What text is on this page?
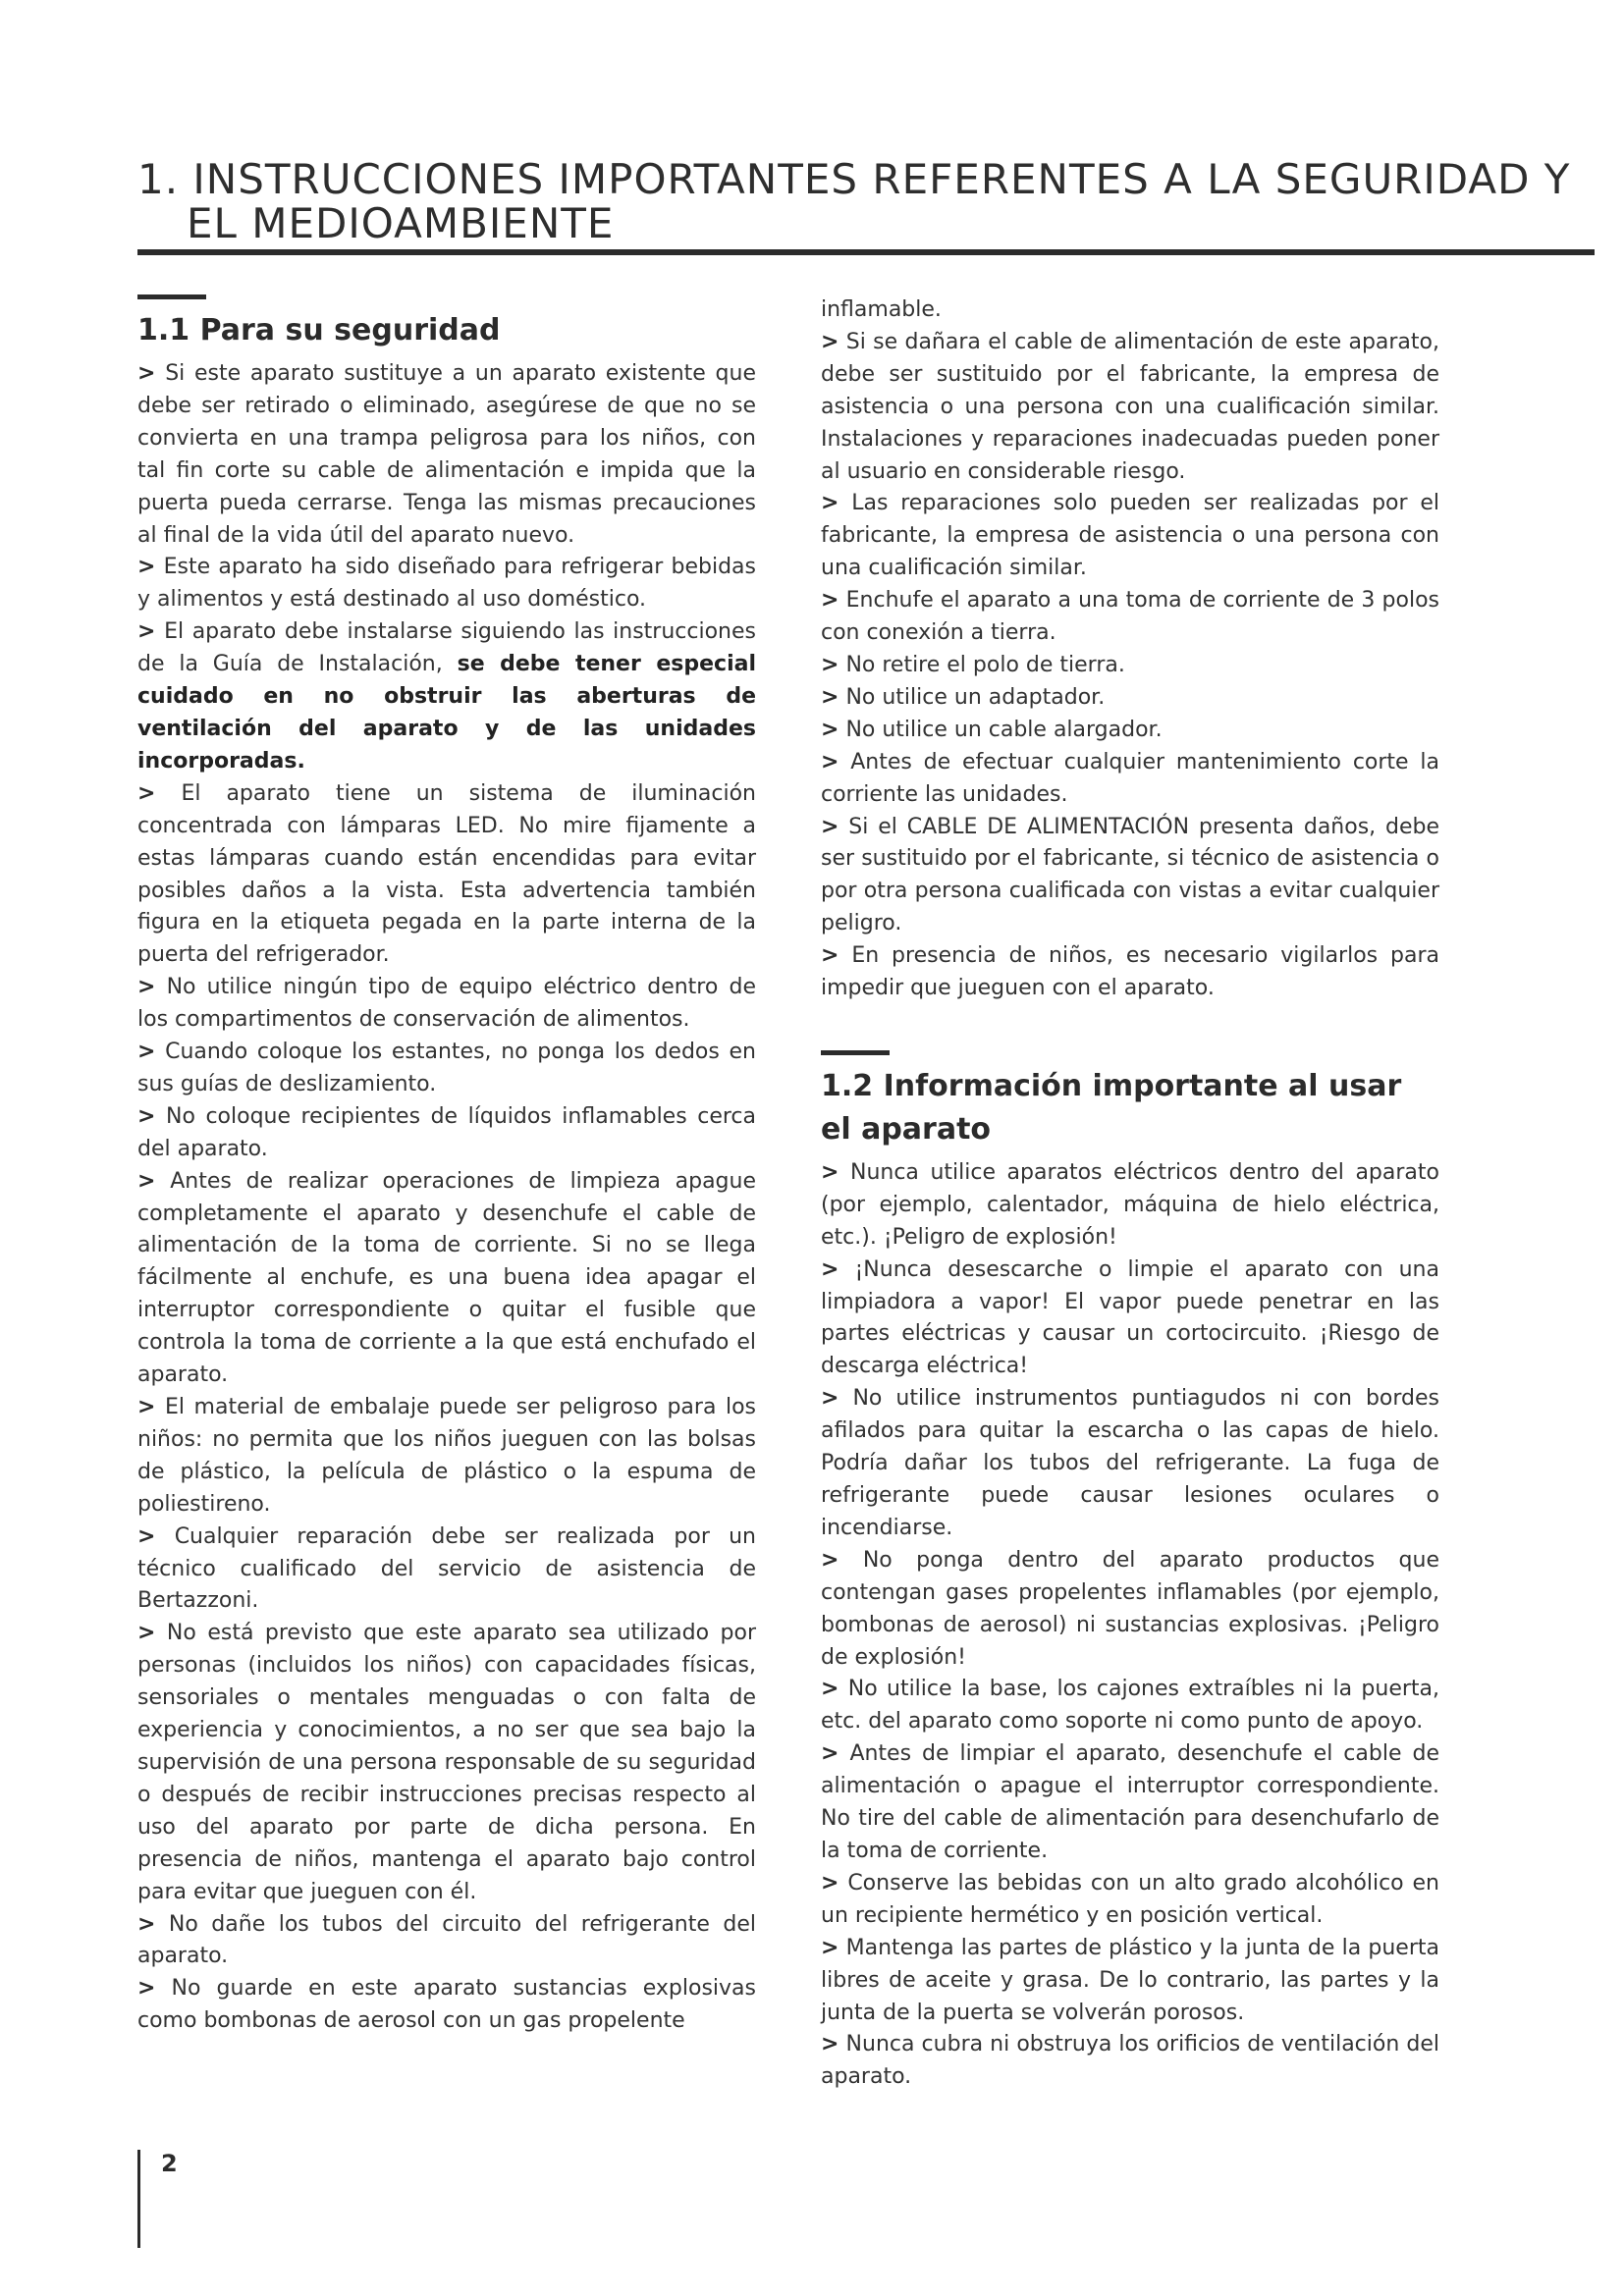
1. INSTRUCCIONES IMPORTANTES REFERENTES A LA SEGURIDAD Y
EL MEDIOAMBIENTE
1.1 Para su seguridad

> Si este aparato sustituye a un aparato existente que debe ser retirado o eliminado, asegúrese de que no se convierta en una trampa peligrosa para los niños, con tal fin corte su cable de alimentación e impida que la puerta pueda cerrarse. Tenga las mismas precauciones al final de la vida útil del aparato nuevo.

> Este aparato ha sido diseñado para refrigerar bebidas y alimentos y está destinado al uso doméstico.

> El aparato debe instalarse siguiendo las instrucciones de la Guía de Instalación, se debe tener especial cuidado en no obstruir las aberturas de ventilación del aparato y de las unidades incorporadas.

> El aparato tiene un sistema de iluminación concentrada con lámparas LED. No mire fijamente a estas lámparas cuando están encendidas para evitar posibles daños a la vista. Esta advertencia también figura en la etiqueta pegada en la parte interna de la puerta del refrigerador.

> No utilice ningún tipo de equipo eléctrico dentro de los compartimentos de conservación de alimentos.

> Cuando coloque los estantes, no ponga los dedos en sus guías de deslizamiento.

> No coloque recipientes de líquidos inflamables cerca del aparato.

> Antes de realizar operaciones de limpieza apague completamente el aparato y desenchufe el cable de alimentación de la toma de corriente. Si no se llega fácilmente al enchufe, es una buena idea apagar el interruptor correspondiente o quitar el fusible que controla la toma de corriente a la que está enchufado el aparato.

> El material de embalaje puede ser peligroso para los niños: no permita que los niños jueguen con las bolsas de plástico, la película de plástico o la espuma de poliestireno.

> Cualquier reparación debe ser realizada por un técnico cualificado del servicio de asistencia de Bertazzoni.

> No está previsto que este aparato sea utilizado por personas (incluidos los niños) con capacidades físicas, sensoriales o mentales menguadas o con falta de experiencia y conocimientos, a no ser que sea bajo la supervisión de una persona responsable de su seguridad o después de recibir instrucciones precisas respecto al uso del aparato por parte de dicha persona. En presencia de niños, mantenga el aparato bajo control para evitar que jueguen con él.

> No dañe los tubos del circuito del refrigerante del aparato.

> No guarde en este aparato sustancias explosivas como bombonas de aerosol con un gas propelente

inflamable.

> Si se dañara el cable de alimentación de este aparato, debe ser sustituido por el fabricante, la empresa de asistencia o una persona con una cualificación similar. Instalaciones y reparaciones inadecuadas pueden poner al usuario en considerable riesgo.

> Las reparaciones solo pueden ser realizadas por el fabricante, la empresa de asistencia o una persona con una cualificación similar.

> Enchufe el aparato a una toma de corriente de 3 polos con conexión a tierra.

> No retire el polo de tierra.

> No utilice un adaptador.

> No utilice un cable alargador.

> Antes de efectuar cualquier mantenimiento corte la corriente las unidades.

> Si el CABLE DE ALIMENTACIÓN presenta daños, debe ser sustituido por el fabricante, si técnico de asistencia o por otra persona cualificada con vistas a evitar cualquier peligro.

> En presencia de niños, es necesario vigilarlos para impedir que jueguen con el aparato.

1.2 Información importante al usar el aparato

> Nunca utilice aparatos eléctricos dentro del aparato (por ejemplo, calentador, máquina de hielo eléctrica, etc.). ¡Peligro de explosión!

> ¡Nunca desescarche o limpie el aparato con una limpiadora a vapor! El vapor puede penetrar en las partes eléctricas y causar un cortocircuito. ¡Riesgo de descarga eléctrica!

> No utilice instrumentos puntiagudos ni con bordes afilados para quitar la escarcha o las capas de hielo. Podría dañar los tubos del refrigerante. La fuga de refrigerante puede causar lesiones oculares o incendiarse.

> No ponga dentro del aparato productos que contengan gases propelentes inflamables (por ejemplo, bombonas de aerosol) ni sustancias explosivas. ¡Peligro de explosión!

> No utilice la base, los cajones extraíbles ni la puerta, etc. del aparato como soporte ni como punto de apoyo.

> Antes de limpiar el aparato, desenchufe el cable de alimentación o apague el interruptor correspondiente. No tire del cable de alimentación para desenchufarlo de la toma de corriente.

> Conserve las bebidas con un alto grado alcohólico en un recipiente hermético y en posición vertical.

> Mantenga las partes de plástico y la junta de la puerta libres de aceite y grasa. De lo contrario, las partes y la junta de la puerta se volverán porosos.

> Nunca cubra ni obstruya los orificios de ventilación del aparato.

2
